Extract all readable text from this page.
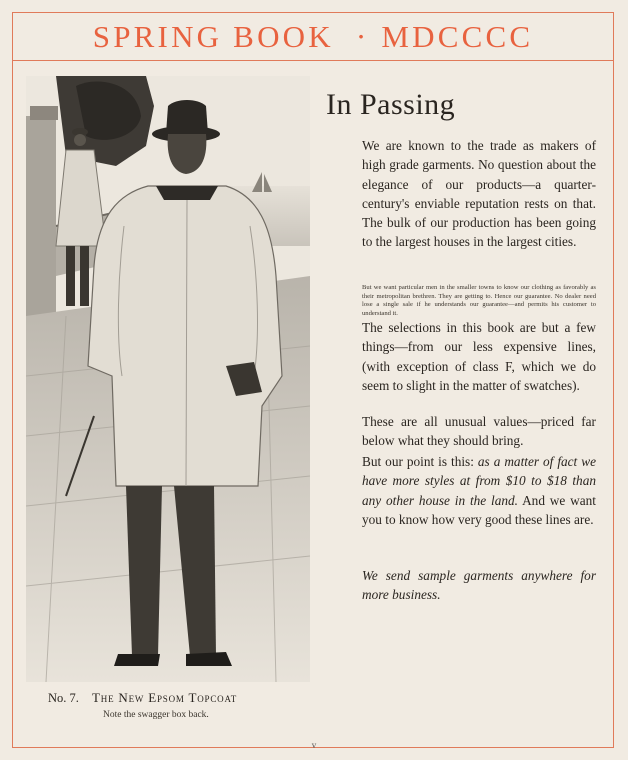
SPRING BOOK · MDCCCC
No. 7. The New Epsom Topcoat
Note the swagger box back.
In Passing
We are known to the trade as makers of high grade garments. No question about the elegance of our products—a quarter-century's enviable reputation rests on that. The bulk of our production has been going to the largest houses in the largest cities.
But we want particular men in the smaller towns to know our clothing as favorably as their metropolitan brethren. They are getting to. Hence our guarantee. No dealer need lose a single sale if he understands our guarantee—and permits his customer to understand it.
The selections in this book are but a few things—from our less expensive lines, (with exception of class F, which we do seem to slight in the matter of swatches).
These are all unusual values—priced far below what they should bring.
But our point is this: as a matter of fact we have more styles at from $10 to $18 than any other house in the land. And we want you to know how very good these lines are.
We send sample garments anywhere for more business.
v
